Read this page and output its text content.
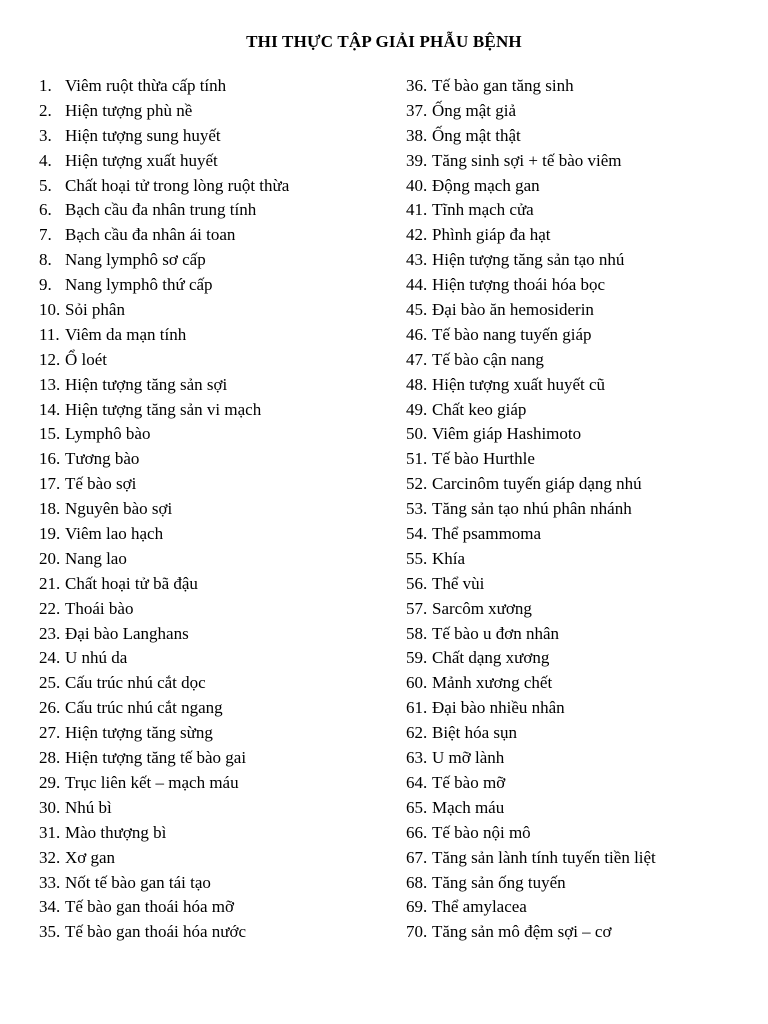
THI THỰC TẬP GIẢI PHẪU BỆNH
1. Viêm ruột thừa cấp tính
2. Hiện tượng phù nề
3. Hiện tượng sung huyết
4. Hiện tượng xuất huyết
5. Chất hoại tử trong lòng ruột thừa
6. Bạch cầu đa nhân trung tính
7. Bạch cầu đa nhân ái toan
8. Nang lymphô sơ cấp
9. Nang lymphô thứ cấp
10. Sỏi phân
11. Viêm da mạn tính
12. Ổ loét
13. Hiện tượng tăng sản sợi
14. Hiện tượng tăng sản vi mạch
15. Lymphô bào
16. Tương bào
17. Tế bào sợi
18. Nguyên bào sợi
19. Viêm lao hạch
20. Nang lao
21. Chất hoại tử bã đậu
22. Thoái bào
23. Đại bào Langhans
24. U nhú da
25. Cấu trúc nhú cắt dọc
26. Cấu trúc nhú cắt ngang
27. Hiện tượng tăng sừng
28. Hiện tượng tăng tế bào gai
29. Trục liên kết – mạch máu
30. Nhú bì
31. Mào thượng bì
32. Xơ gan
33. Nốt tế bào gan tái tạo
34. Tế bào gan thoái hóa mỡ
35. Tế bào gan thoái hóa nước
36. Tế bào gan tăng sinh
37. Ống mật giả
38. Ống mật thật
39. Tăng sinh sợi + tế bào viêm
40. Động mạch gan
41. Tĩnh mạch cửa
42. Phình giáp đa hạt
43. Hiện tượng tăng sản tạo nhú
44. Hiện tượng thoái hóa bọc
45. Đại bào ăn hemosiderin
46. Tế bào nang tuyến giáp
47. Tế bào cận nang
48. Hiện tượng xuất huyết cũ
49. Chất keo giáp
50. Viêm giáp Hashimoto
51. Tế bào Hurthle
52. Carcinôm tuyến giáp dạng nhú
53. Tăng sản tạo nhú phân nhánh
54. Thể psammoma
55. Khía
56. Thể vùi
57. Sarcôm xương
58. Tế bào u đơn nhân
59. Chất dạng xương
60. Mảnh xương chết
61. Đại bào nhiều nhân
62. Biệt hóa sụn
63. U mỡ lành
64. Tế bào mỡ
65. Mạch máu
66. Tế bào nội mô
67. Tăng sản lành tính tuyến tiền liệt
68. Tăng sản ống tuyến
69. Thể amylacea
70. Tăng sản mô đệm sợi – cơ
